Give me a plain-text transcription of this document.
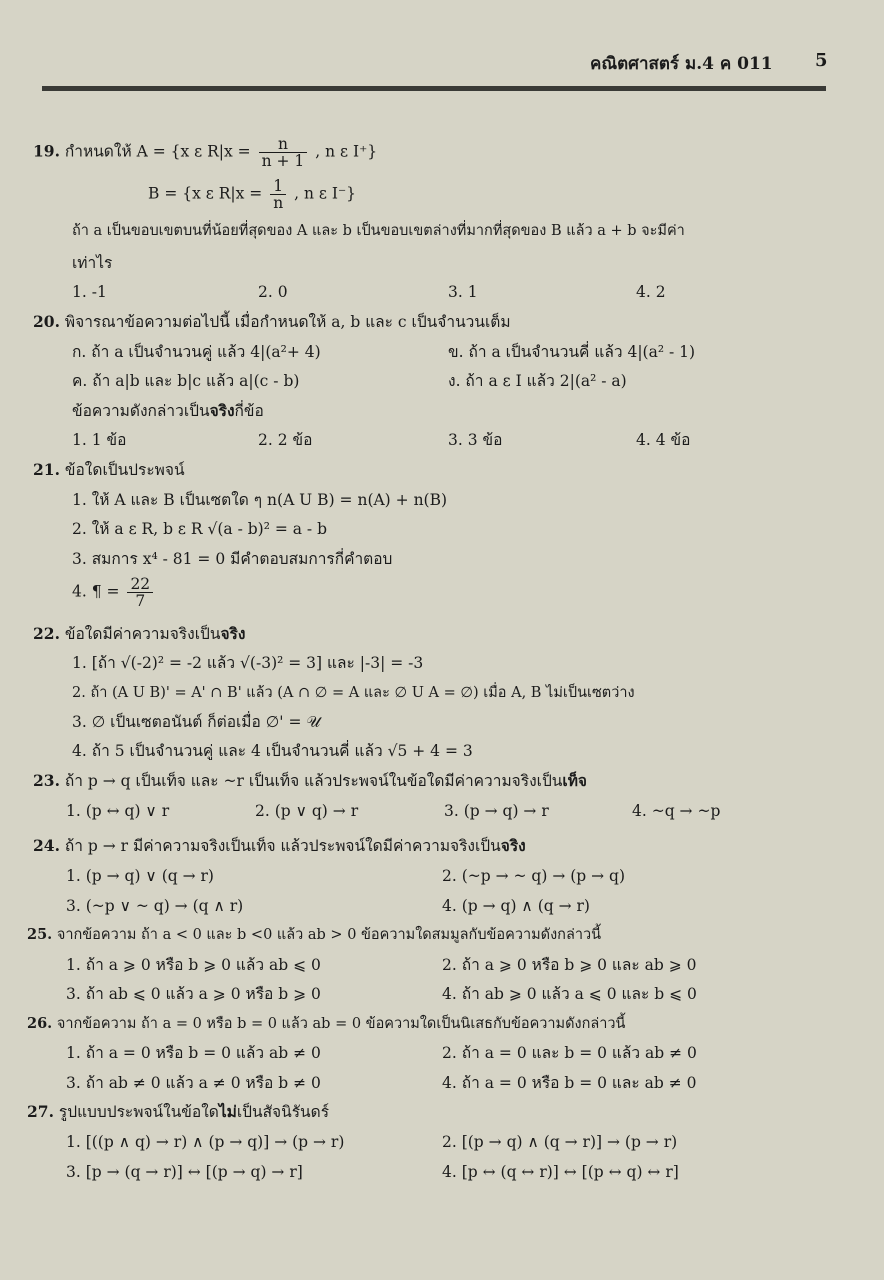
คณิตศาสตร์ ม.4 ค 011 5
19. กำหนดให้ A = {x ε $R|x = \frac{n}{n + 1}$ , n ε I⁺}
B = {x ε $R|x = \frac{1}{n}$ , n ε I⁻}
ถ้า a เป็นขอบเขตบนที่น้อยที่สุดของ A และ b เป็นขอบเขตล่างที่มากที่สุดของ B แล้ว a + b จะมีค่า
เท่าไร
1. -1	2. 0	3. 1	4. 2
20. พิจารณาข้อความต่อไปนี้ เมื่อกำหนดให้ a, b และ c เป็นจำนวนเต็ม
ก. ถ้า a เป็นจำนวนคู่ แล้ว 4|(a²+ 4)	ข. ถ้า a เป็นจำนวนคี่ แล้ว 4|(a² - 1)
ค. ถ้า a|b และ b|c แล้ว a|(c - b)	ง. ถ้า a ε I แล้ว 2|(a² - a)
ข้อความดังกล่าวเป็นจริงกี่ข้อ
1. 1 ข้อ	2. 2 ข้อ	3. 3 ข้อ	4. 4 ข้อ
21. ข้อใดเป็นประพจน์
1. ให้ A และ B เป็นเซตใด ๆ n(A U B) = n(A) + n(B)
2. ให้ a ε R, b ε R √(a - b)² = a - b
3. สมการ x⁴ - 81 = 0 มีคำตอบสมการกี่คำตอบ
4. ¶ = $\frac{22}{7}$
22. ข้อใดมีค่าความจริงเป็นจริง
1. [ถ้า √(-2)² = -2 แล้ว √(-3)² = 3] และ |-3| = -3
2. ถ้า (A U B)' = A' ∩ B' แล้ว (A ∩ ∅ = A และ ∅ U A = ∅) เมื่อ A, B ไม่เป็นเซตว่าง
3. ∅ เป็นเซตอนันต์ ก็ต่อเมื่อ ∅' = 𝒰
4. ถ้า 5 เป็นจำนวนคู่ และ 4 เป็นจำนวนคี่ แล้ว √5 + 4 = 3
23. ถ้า p → q เป็นเท็จ และ ~r เป็นเท็จ แล้วประพจน์ในข้อใดมีค่าความจริงเป็นเท็จ
1. (p ↔ q) ∨ r	2. (p ∨ q) → r	3. (p → q) → r	4. ~q → ~p
24. ถ้า p → r มีค่าความจริงเป็นเท็จ แล้วประพจน์ใดมีค่าความจริงเป็นจริง
1. (p → q) ∨ (q → r)	2. (~p → ~ q) → (p → q)
3. (~p ∨ ~ q) → (q ∧ r)	4. (p → q) ∧ (q → r)
25. จากข้อความ ถ้า a < 0 และ b <0 แล้ว ab > 0 ข้อความใดสมมูลกับข้อความดังกล่าวนี้
1. ถ้า a ⩾ 0 หรือ b ⩾ 0 แล้ว ab ⩽ 0	2. ถ้า a ⩾ 0 หรือ b ⩾ 0 และ ab ⩾ 0
3. ถ้า ab ⩽ 0 แล้ว a ⩾ 0 หรือ b ⩾ 0	4. ถ้า ab ⩾ 0 แล้ว a ⩽ 0 และ b ⩽ 0
26. จากข้อความ ถ้า a = 0 หรือ b = 0 แล้ว ab = 0 ข้อความใดเป็นนิเสธกับข้อความดังกล่าวนี้
1. ถ้า a = 0 หรือ b = 0 แล้ว ab ≠ 0	2. ถ้า a = 0 และ b = 0 แล้ว ab ≠ 0
3. ถ้า ab ≠ 0 แล้ว a ≠ 0 หรือ b ≠ 0	4. ถ้า a = 0 หรือ b = 0 และ ab ≠ 0
27. รูปแบบประพจน์ในข้อใดไม่เป็นสัจนิรันดร์
1. [((p ∧ q) → r) ∧ (p → q)] → (p → r)	2. [(p → q) ∧ (q → r)] → (p → r)
3. [p → (q → r)] ↔ [(p → q) → r]	4. [p ↔ (q ↔ r)] ↔ [(p ↔ q) ↔ r]
